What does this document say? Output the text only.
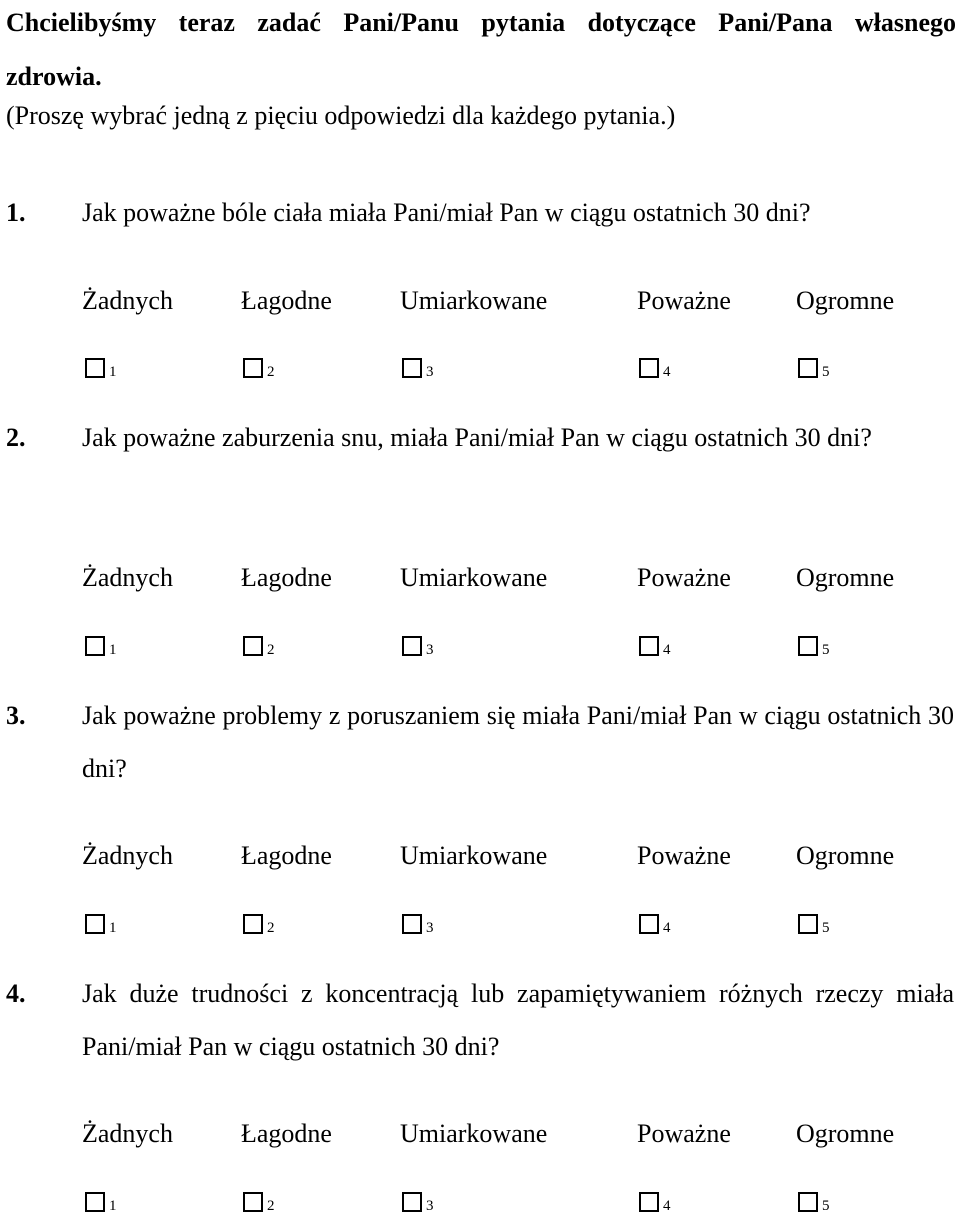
Chcielibyśmy teraz zadać Pani/Panu pytania dotyczące Pani/Pana własnego zdrowia.
(Proszę wybrać jedną z pięciu odpowiedzi dla każdego pytania.)
1. Jak poważne bóle ciała miała Pani/miał Pan w ciągu ostatnich 30 dni?
Żadnych	Łagodne	Umiarkowane	Poważne	Ogromne
1	2	3	4	5
2. Jak poważne zaburzenia snu, miała Pani/miał Pan w ciągu ostatnich 30 dni?
Żadnych	Łagodne	Umiarkowane	Poważne	Ogromne
1	2	3	4	5
3. Jak poważne problemy z poruszaniem się miała Pani/miał Pan w ciągu ostatnich 30 dni?
Żadnych	Łagodne	Umiarkowane	Poważne	Ogromne
1	2	3	4	5
4. Jak duże trudności z koncentracją lub zapamiętywaniem różnych rzeczy miała Pani/miał Pan w ciągu ostatnich 30 dni?
Żadnych	Łagodne	Umiarkowane	Poważne	Ogromne
1	2	3	4	5
